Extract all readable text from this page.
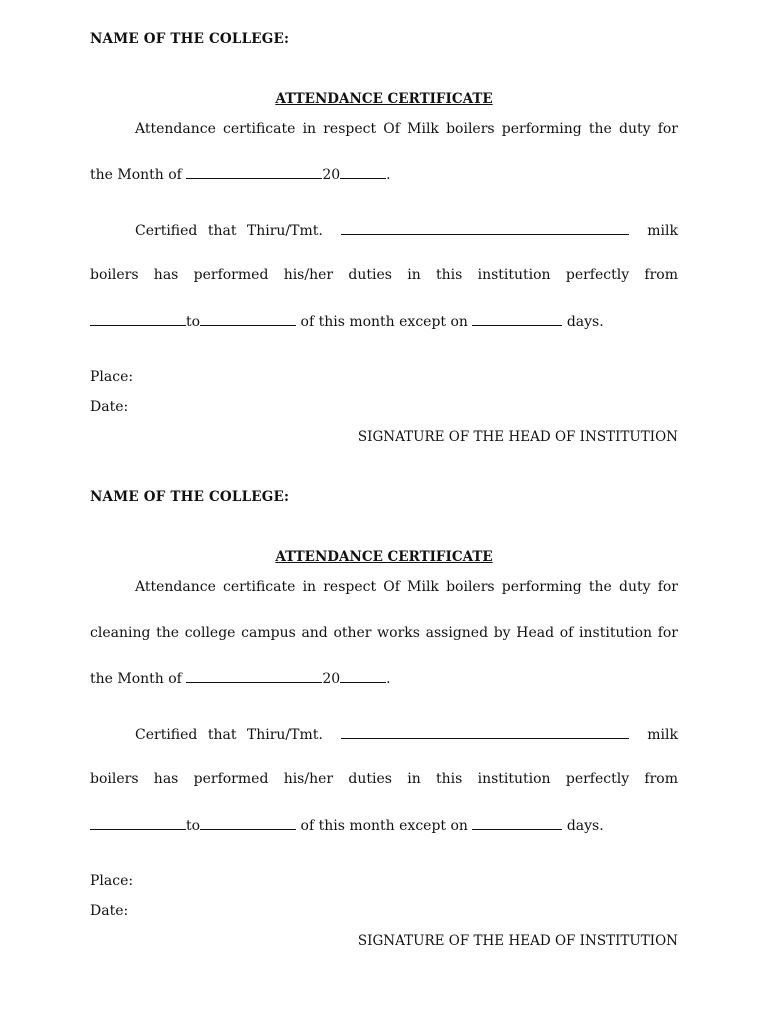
NAME OF THE COLLEGE:
ATTENDANCE CERTIFICATE
Attendance certificate in respect Of Milk boilers performing the duty for
the Month of	20	.
Certified that Thiru/Tmt.	milk
boilers has performed his/her duties in this institution perfectly from
to	of this month except on	days.
Place:
Date:
SIGNATURE OF THE HEAD OF INSTITUTION
NAME OF THE COLLEGE:
ATTENDANCE CERTIFICATE
Attendance certificate in respect Of Milk boilers performing the duty for
cleaning the college campus and other works assigned by Head of institution for
the Month of	20	.
Certified that Thiru/Tmt.	milk
boilers has performed his/her duties in this institution perfectly from
to	of this month except on	days.
Place:
Date:
SIGNATURE OF THE HEAD OF INSTITUTION
